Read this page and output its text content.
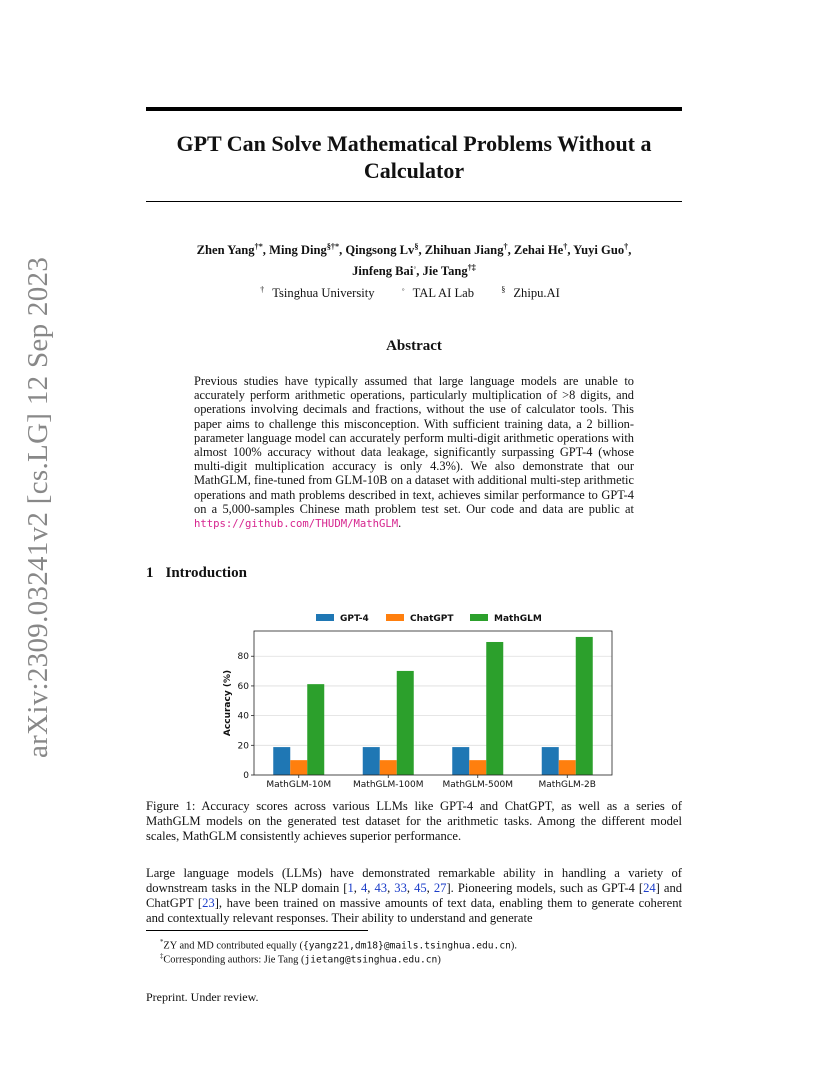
arXiv:2309.03241v2 [cs.LG] 12 Sep 2023
GPT Can Solve Mathematical Problems Without a
Calculator
Zhen Yang†*, Ming Ding§†*, Qingsong Lv§, Zhihuan Jiang†, Zehai He†, Yuyi Guo†,
Jinfeng Bai◦, Jie Tang†‡
† Tsinghua University	◦ TAL AI Lab	§ Zhipu.AI
Abstract
Previous studies have typically assumed that large language models are unable to accurately perform arithmetic operations, particularly multiplication of >8 digits, and operations involving decimals and fractions, without the use of calculator tools. This paper aims to challenge this misconception. With sufficient training data, a 2 billion-parameter language model can accurately perform multi-digit arithmetic operations with almost 100% accuracy without data leakage, significantly surpassing GPT-4 (whose multi-digit multiplication accuracy is only 4.3%). We also demonstrate that our MathGLM, fine-tuned from GLM-10B on a dataset with additional multi-step arithmetic operations and math problems described in text, achieves similar performance to GPT-4 on a 5,000-samples Chinese math problem test set. Our code and data are public at https://github.com/THUDM/MathGLM.
1 Introduction
0
20
40
60
80
MathGLM-10M MathGLM-100M MathGLM-500M	MathGLM-2B
Accuracy (%)
GPT-4	ChatGPT	MathGLM
Figure 1: Accuracy scores across various LLMs like GPT-4 and ChatGPT, as well as a series of MathGLM models on the generated test dataset for the arithmetic tasks. Among the different model scales, MathGLM consistently achieves superior performance.
Large language models (LLMs) have demonstrated remarkable ability in handling a variety of downstream tasks in the NLP domain [1, 4, 43, 33, 45, 27]. Pioneering models, such as GPT-4 [24] and ChatGPT [23], have been trained on massive amounts of text data, enabling them to generate coherent and contextually relevant responses. Their ability to understand and generate
*ZY and MD contributed equally ({yangz21,dm18}@mails.tsinghua.edu.cn).
‡Corresponding authors: Jie Tang (jietang@tsinghua.edu.cn)
Preprint. Under review.
